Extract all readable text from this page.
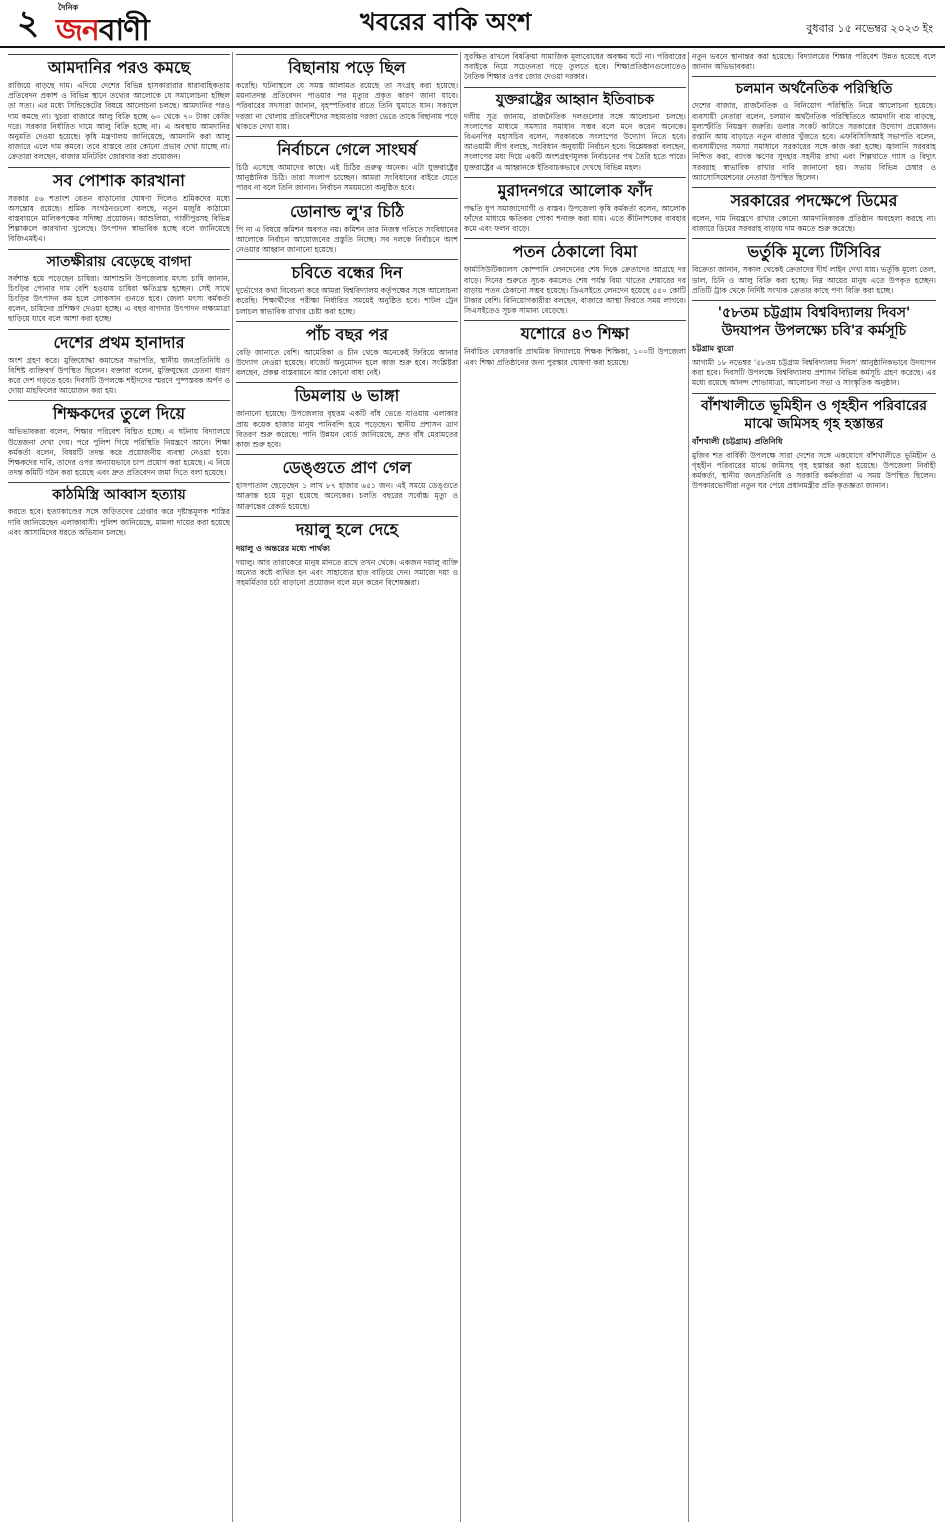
২	দৈনিক
জনবাণী	খবরের বাকি অংশ	বুধবার ১৫ নভেম্বর ২০২৩ ইং
আমদানির পরও কমছে

রাজিয়ে বাড়ছে দাম। এদিয়ে দেশের বিভিন্ন হাসকারারার ধারাবাহিকতায় প্রতিবেদন প্রকাশ ও বিভিন্ন স্থানে তথ্যের আলোকে যে সমালোচনা হচ্ছিল তা সত্য। এর মধ্যে সিন্ডিকেটের বিষয়ে আলোচনা চলছে। আমদানির পরও দাম কমছে না। খুচরা বাজারে আলু বিক্রি হচ্ছে ৬০ থেকে ৭০ টাকা কেজি দরে। সরকার নির্ধারিত দামে আলু বিক্রি হচ্ছে না। এ অবস্থায় আমদানির অনুমতি দেওয়া হয়েছে। কৃষি মন্ত্রণালয় জানিয়েছে, আমদানি করা আলু বাজারে এলে দাম কমবে। তবে বাস্তবে তার কোনো প্রভাব দেখা যাচ্ছে না। ক্রেতারা বলছেন, বাজার মনিটরিং জোরদার করা প্রয়োজন।

সব পোশাক কারখানা

সরকার ৫৬ শতাংশ বেতন বাড়ানোর ঘোষণা দিলেও শ্রমিকদের মধ্যে অসন্তোষ রয়েছে। শ্রমিক সংগঠনগুলো বলছে, নতুন মজুরি কাঠামো বাস্তবায়নে মালিকপক্ষের সদিচ্ছা প্রয়োজন। আশুলিয়া, গাজীপুরসহ বিভিন্ন শিল্পাঞ্চলে কারখানা খুলেছে। উৎপাদন স্বাভাবিক হচ্ছে বলে জানিয়েছে বিজিএমইএ।

সাতক্ষীরায় বেড়েছে বাগদা

সর্বশান্ত হয়ে পড়েছেন চাষিরা। আশাশুনি উপজেলার মৎস্য চাষি জানান, চিংড়ির পোনার দাম বেশি হওয়ায় চাষিরা ক্ষতিগ্রস্ত হচ্ছেন। সেই সাথে চিংড়ির উৎপাদন কম হলে লোকসান গুনতে হবে। জেলা মৎস্য কর্মকর্তা বলেন, চাষিদের প্রশিক্ষণ দেওয়া হচ্ছে। এ বছর বাগদার উৎপাদন লক্ষ্যমাত্রা ছাড়িয়ে যাবে বলে আশা করা হচ্ছে।

দেশের প্রথম হানাদার

অংশ গ্রহণ করে। মুক্তিযোদ্ধা কমান্ডের সভাপতি, স্থানীয় জনপ্রতিনিধি ও বিশিষ্ট ব্যক্তিবর্গ উপস্থিত ছিলেন। বক্তারা বলেন, মুক্তিযুদ্ধের চেতনা ধারণ করে দেশ গড়তে হবে। দিবসটি উপলক্ষে শহীদদের স্মরণে পুষ্পস্তবক অর্পণ ও দোয়া মাহফিলের আয়োজন করা হয়।

শিক্ষকদের তুলে দিয়ে

অভিভাবকরা বলেন, শিক্ষার পরিবেশ বিঘ্নিত হচ্ছে। এ ঘটনায় বিদ্যালয়ে উত্তেজনা দেখা দেয়। পরে পুলিশ গিয়ে পরিস্থিতি নিয়ন্ত্রণে আনে। শিক্ষা কর্মকর্তা বলেন, বিষয়টি তদন্ত করে প্রয়োজনীয় ব্যবস্থা নেওয়া হবে। শিক্ষকদের দাবি, তাদের ওপর অন্যায়ভাবে চাপ প্রয়োগ করা হয়েছে। এ নিয়ে তদন্ত কমিটি গঠন করা হয়েছে এবং দ্রুত প্রতিবেদন জমা দিতে বলা হয়েছে।

কাঠমিস্ত্রি আব্বাস হত্যায়

করতে হবে। হত্যাকাণ্ডের সঙ্গে জড়িতদের গ্রেপ্তার করে দৃষ্টান্তমূলক শাস্তির দাবি জানিয়েছেন এলাকাবাসী। পুলিশ জানিয়েছে, মামলা দায়ের করা হয়েছে এবং আসামিদের ধরতে অভিযান চলছে।

বিছানায় পড়ে ছিল

করেছি। ঘটনাস্থলে যে সমস্ত আলামত রয়েছে তা সংগ্রহ করা হয়েছে। ময়নাতদন্ত প্রতিবেদন পাওয়ার পর মৃত্যুর প্রকৃত কারণ জানা যাবে। পরিবারের সদস্যরা জানান, বৃহস্পতিবার রাতে তিনি ঘুমাতে যান। সকালে দরজা না খোলায় প্রতিবেশীদের সহায়তায় দরজা ভেঙে তাকে বিছানায় পড়ে থাকতে দেখা যায়।

নির্বাচনে গেলে সাংঘর্ষ

চিঠি এসেছে আমাদের কাছে। এই চিঠির গুরুত্ব অনেক। এটা যুক্তরাষ্ট্রের আনুষ্ঠানিক চিঠি। তারা সংলাপ চাচ্ছেন। আমরা সংবিধানের বাইরে যেতে পারব না বলে তিনি জানান। নির্বাচন সময়মতো অনুষ্ঠিত হবে।

ডোনাল্ড লু'র চিঠি

পি না এ বিষয়ে কমিশন অবগত নয়। কমিশন তার নিজস্ব গতিতে সংবিধানের আলোকে নির্বাচন আয়োজনের প্রস্তুতি নিচ্ছে। সব দলকে নির্বাচনে অংশ নেওয়ার আহ্বান জানানো হয়েছে।

চবিতে বন্ধের দিন

দুর্ভোগের কথা বিবেচনা করে আমরা বিশ্ববিদ্যালয় কর্তৃপক্ষের সঙ্গে আলোচনা করেছি। শিক্ষার্থীদের পরীক্ষা নির্ধারিত সময়েই অনুষ্ঠিত হবে। শাটল ট্রেন চলাচল স্বাভাবিক রাখার চেষ্টা করা হচ্ছে।

পাঁচ বছর পর

বেড়ি জানাতে বেশি। আমেরিকা ও চীন থেকে অনেকেই ফিরিয়ে আনার উদ্যোগ নেওয়া হয়েছে। বাজেট অনুমোদন হলে কাজ শুরু হবে। সংশ্লিষ্টরা বলছেন, প্রকল্প বাস্তবায়নে আর কোনো বাধা নেই।

ডিমলায় ৬ ভাঙ্গা

জানানো হয়েছে। উপজেলার বৃহত্তম একটি বাঁধ ভেঙে যাওয়ায় এলাকার প্রায় কয়েক হাজার মানুষ পানিবন্দি হয়ে পড়েছেন। স্থানীয় প্রশাসন ত্রাণ বিতরণ শুরু করেছে। পানি উন্নয়ন বোর্ড জানিয়েছে, দ্রুত বাঁধ মেরামতের কাজ শুরু হবে।

ডেঙ্গুতে প্রাণ গেল

হাসপাতাল ছেড়েছেন ১ লাখ ৮৭ হাজার ৬৫১ জন। এই সময়ে ডেঙ্গুতে আক্রান্ত হয়ে মৃত্যু হয়েছে অনেকের। চলতি বছরের সর্বোচ্চ মৃত্যু ও আক্রান্তের রেকর্ড হয়েছে।

দয়ালু হলে দেহে
দয়ালু ও অন্তরের মধ্যে পার্থক্য

দয়ালু। আর তারাকেরে মানুষ মানতে রাখে তখন থেকে। একজন দয়ালু ব্যক্তি অন্যের কষ্টে ব্যথিত হন এবং সাহায্যের হাত বাড়িয়ে দেন। সমাজে দয়া ও সহমর্মিতার চর্চা বাড়ানো প্রয়োজন বলে মনে করেন বিশেষজ্ঞরা।

সুরক্ষিত রাখলে বিষক্রিয়া সামাজিক মূল্যবোধের অবক্ষয় ঘটে না। পরিবারের সবাইকে নিয়ে সচেতনতা গড়ে তুলতে হবে। শিক্ষাপ্রতিষ্ঠানগুলোতেও নৈতিক শিক্ষার ওপর জোর দেওয়া দরকার।

যুক্তরাষ্ট্রের আহ্বান ইতিবাচক

দলীয় সূত্র জানায়, রাজনৈতিক দলগুলোর সঙ্গে আলোচনা চলছে। সংলাপের মাধ্যমে সমস্যার সমাধান সম্ভব বলে মনে করেন অনেকে। বিএনপির মহাসচিব বলেন, সরকারকে সংলাপের উদ্যোগ নিতে হবে। আওয়ামী লীগ বলছে, সংবিধান অনুযায়ী নির্বাচন হবে। বিশ্লেষকরা বলছেন, সংলাপের মধ্য দিয়ে একটি অংশগ্রহণমূলক নির্বাচনের পথ তৈরি হতে পারে। যুক্তরাষ্ট্রের এ আহ্বানকে ইতিবাচকভাবে দেখছে বিভিন্ন মহল।

মুরাদনগরে আলোক ফাঁদ

পদ্ধতি ধূপ সমাজাদ্যোগী ও বাস্তব। উপজেলা কৃষি কর্মকর্তা বলেন, আলোক ফাঁদের মাধ্যমে ক্ষতিকর পোকা শনাক্ত করা যায়। এতে কীটনাশকের ব্যবহার কমে এবং ফলন বাড়ে।

পতন ঠেকালো বিমা

ফার্মাসিউটিক্যালস কোম্পানি লেনদেনের শেষ দিকে ক্রেতাদের আগ্রহে দর বাড়ে। দিনের শুরুতে সূচক কমলেও শেষ পর্যন্ত বিমা খাতের শেয়ারের দর বাড়ায় পতন ঠেকানো সম্ভব হয়েছে। ডিএসইতে লেনদেন হয়েছে ৫৫০ কোটি টাকার বেশি। বিনিয়োগকারীরা বলছেন, বাজারে আস্থা ফিরতে সময় লাগবে। সিএসইতেও সূচক সামান্য বেড়েছে।

যশোরে ৪৩ শিক্ষা

নির্বাচিত বেসরকারি প্রাথমিক বিদ্যালয়ে শিক্ষক শিক্ষিকা, ১০০টি উপজেলা এবং শিক্ষা প্রতিষ্ঠানের জন্য পুরস্কার ঘোষণা করা হয়েছে।

নতুন ভবনে স্থানান্তর করা হয়েছে। বিদ্যালয়ের শিক্ষার পরিবেশ উন্নত হয়েছে বলে জানান অভিভাবকরা।

চলমান অর্থনৈতিক পরিস্থিতি

দেশের বাজার, রাজনৈতিক ও বিনিয়োগ পরিস্থিতি নিয়ে আলোচনা হয়েছে। ব্যবসায়ী নেতারা বলেন, চলমান অর্থনৈতিক পরিস্থিতিতে আমদানি ব্যয় বাড়ছে, মূল্যস্ফীতি নিয়ন্ত্রণ জরুরি। ডলার সংকট কাটাতে সরকারের উদ্যোগ প্রয়োজন। রপ্তানি আয় বাড়াতে নতুন বাজার খুঁজতে হবে। এফবিসিসিআই সভাপতি বলেন, ব্যবসায়ীদের সমস্যা সমাধানে সরকারের সঙ্গে কাজ করা হচ্ছে। জ্বালানি সরবরাহ নিশ্চিত করা, ব্যাংক ঋণের সুদহার সহনীয় রাখা এবং শিল্পখাতে গ্যাস ও বিদ্যুৎ সরবরাহ স্বাভাবিক রাখার দাবি জানানো হয়। সভায় বিভিন্ন চেম্বার ও অ্যাসোসিয়েশনের নেতারা উপস্থিত ছিলেন।

সরকারের পদক্ষেপে ডিমের

বলেন, দাম নিয়ন্ত্রণে রাখার কোনো আমদানিকারক প্রতিষ্ঠান অবহেলা করছে না। বাজারে ডিমের সরবরাহ বাড়ায় দাম কমতে শুরু করেছে।

ভর্তুকি মূল্যে টিসিবির

বিক্রেতা জানান, সকাল থেকেই ক্রেতাদের দীর্ঘ লাইন দেখা যায়। ভর্তুকি মূল্যে তেল, ডাল, চিনি ও আলু বিক্রি করা হচ্ছে। নিম্ন আয়ের মানুষ এতে উপকৃত হচ্ছেন। প্রতিটি ট্রাক থেকে নির্দিষ্ট সংখ্যক ক্রেতার কাছে পণ্য বিক্রি করা হচ্ছে।

'৫৮তম চট্টগ্রাম বিশ্ববিদ্যালয় দিবস' উদযাপন উপলক্ষ্যে চবি'র কর্মসূচি
চট্টগ্রাম ব্যুরো

আগামী ১৮ নভেম্বর '৫৮তম চট্টগ্রাম বিশ্ববিদ্যালয় দিবস' আনুষ্ঠানিকভাবে উদযাপন করা হবে। দিবসটি উপলক্ষে বিশ্ববিদ্যালয় প্রশাসন বিভিন্ন কর্মসূচি গ্রহণ করেছে। এর মধ্যে রয়েছে আনন্দ শোভাযাত্রা, আলোচনা সভা ও সাংস্কৃতিক অনুষ্ঠান।

বাঁশখালীতে ভূমিহীন ও গৃহহীন পরিবারের মাঝে জমিসহ গৃহ হস্তান্তর
বাঁশখালী (চট্টগ্রাম) প্রতিনিধি

মুজিব শত বার্ষিকী উপলক্ষে সারা দেশের সঙ্গে একযোগে বাঁশখালীতে ভূমিহীন ও গৃহহীন পরিবারের মাঝে জমিসহ গৃহ হস্তান্তর করা হয়েছে। উপজেলা নির্বাহী কর্মকর্তা, স্থানীয় জনপ্রতিনিধি ও সরকারি কর্মকর্তারা এ সময় উপস্থিত ছিলেন। উপকারভোগীরা নতুন ঘর পেয়ে প্রধানমন্ত্রীর প্রতি কৃতজ্ঞতা জানান।
